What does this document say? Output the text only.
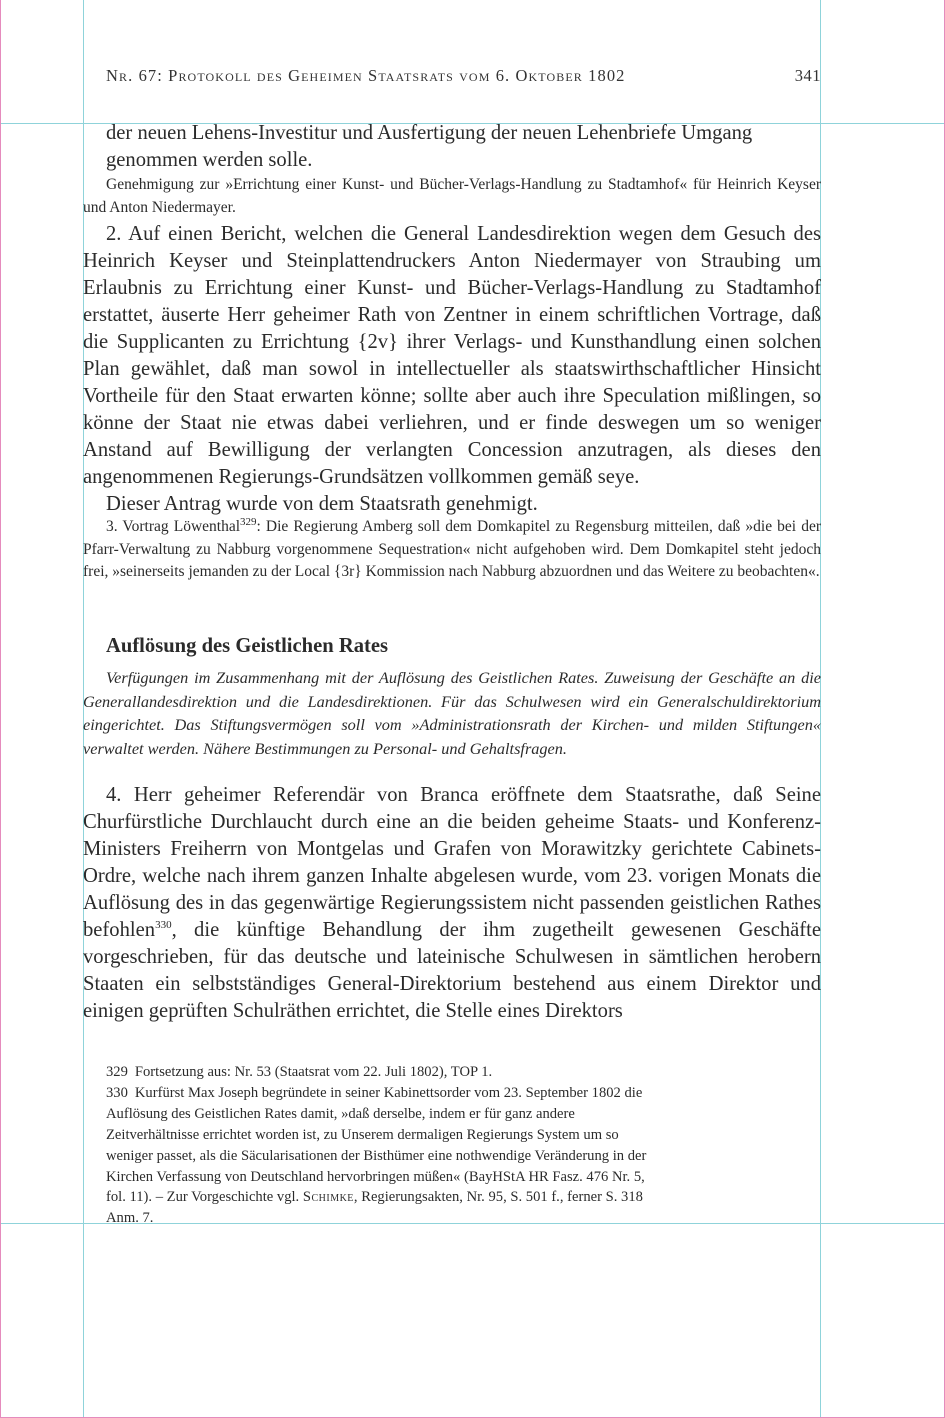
Nr. 67: Protokoll des Geheimen Staatsrats vom 6. Oktober 1802	341

der neuen Lehens-Investitur und Ausfertigung der neuen Lehenbriefe Umgang genommen werden solle.

Genehmigung zur »Errichtung einer Kunst- und Bücher-Verlags-Handlung zu Stadtamhof« für Heinrich Keyser und Anton Niedermayer.

2. Auf einen Bericht, welchen die General Landesdirektion wegen dem Gesuch des Heinrich Keyser und Steinplattendruckers Anton Niedermayer von Straubing um Erlaubnis zu Errichtung einer Kunst- und Bücher-Verlags-Handlung zu Stadtamhof erstattet, äuserte Herr geheimer Rath von Zentner in einem schriftlichen Vortrage, daß die Supplicanten zu Errichtung {2v} ihrer Verlags- und Kunsthandlung einen solchen Plan gewählet, daß man sowol in intellectueller als staatswirthschaftlicher Hinsicht Vortheile für den Staat erwarten könne; sollte aber auch ihre Speculation mißlingen, so könne der Staat nie etwas dabei verliehren, und er finde deswegen um so weniger Anstand auf Bewilligung der verlangten Concession anzutragen, als dieses den angenommenen Regierungs-Grundsätzen vollkommen gemäß seye.

Dieser Antrag wurde von dem Staatsrath genehmigt.

3. Vortrag Löwenthal$^{329}$: Die Regierung Amberg soll dem Domkapitel zu Regensburg mitteilen, daß »die bei der Pfarr-Verwaltung zu Nabburg vorgenommene Sequestration« nicht aufgehoben wird. Dem Domkapitel steht jedoch frei, »seinerseits jemanden zu der Local {3r} Kommission nach Nabburg abzuordnen und das Weitere zu beobachten«.

Auflösung des Geistlichen Rates

Verfügungen im Zusammenhang mit der Auflösung des Geistlichen Rates. Zuweisung der Geschäfte an die Generallandesdirektion und die Landesdirektionen. Für das Schulwesen wird ein Generalschuldirektorium eingerichtet. Das Stiftungsvermögen soll vom »Administrationsrath der Kirchen- und milden Stiftungen« verwaltet werden. Nähere Bestimmungen zu Personal- und Gehaltsfragen.

4. Herr geheimer Referendär von Branca eröffnete dem Staatsrathe, daß Seine Churfürstliche Durchlaucht durch eine an die beiden geheime Staats- und Konferenz-Ministers Freiherrn von Montgelas und Grafen von Morawitzky gerichtete Cabinets-Ordre, welche nach ihrem ganzen Inhalte abgelesen wurde, vom 23. vorigen Monats die Auflösung des in das gegenwärtige Regierungssistem nicht passenden geistlichen Rathes befohlen$^{330}$, die künftige Behandlung der ihm zugetheilt gewesenen Geschäfte vorgeschrieben, für das deutsche und lateinische Schulwesen in sämtlichen herobern Staaten ein selbstständiges General-Direktorium bestehend aus einem Direktor und einigen geprüften Schulräthen errichtet, die Stelle eines Direktors

329 Fortsetzung aus: Nr. 53 (Staatsrat vom 22. Juli 1802), TOP 1.

330 Kurfürst Max Joseph begründete in seiner Kabinettsorder vom 23. September 1802 die Auflösung des Geistlichen Rates damit, »daß derselbe, indem er für ganz andere Zeitverhältnisse errichtet worden ist, zu Unserem dermaligen Regierungs System um so weniger passet, als die Säcularisationen der Bisthümer eine nothwendige Veränderung in der Kirchen Verfassung von Deutschland hervorbringen müßen« (BayHStA HR Fasz. 476 Nr. 5, fol. 11). – Zur Vorgeschichte vgl. Schimke, Regierungsakten, Nr. 95, S. 501 f., ferner S. 318 Anm. 7.
